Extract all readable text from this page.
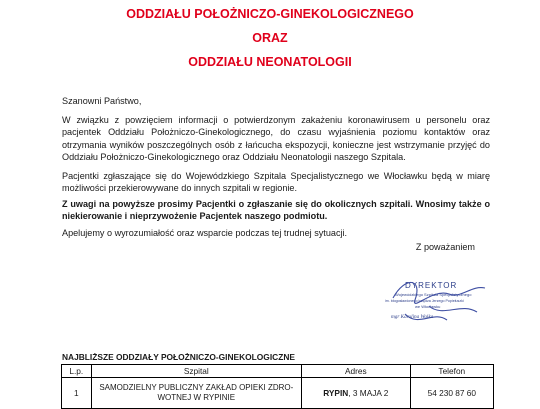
ODDZIAŁU POŁOŻNICZO-GINEKOLOGICZNEGO
ORAZ
ODDZIAŁU NEONATOLOGII
Szanowni Państwo,
W związku z powzięciem informacji o potwierdzonym zakażeniu koronawirusem u personelu oraz pacjentek Oddziału Położniczo-Ginekologicznego, do czasu wyjaśnienia poziomu kontaktów oraz otrzymania wyników poszczególnych osób z łańcucha ekspozycji, konieczne jest wstrzymanie przyjęć do Oddziału Położniczo-Ginekologicznego oraz Oddziału Neonatologii naszego Szpitala.
Pacjentki zgłaszające się do Wojewódzkiego Szpitala Specjalistycznego we Włocławku będą w miarę możliwości przekierowywane do innych szpitali w regionie.
Z uwagi na powyższe prosimy Pacjentki o zgłaszanie się do okolicznych szpitali. Wnosimy także o niekierowanie i nieprzywożenie Pacjentek naszego podmiotu.
Apelujemy o wyrozumiałość oraz wsparcie podczas tej trudnej sytuacji.
Z poważaniem
DYREKTOR
Wojewódzkiego Szpitala Specjalistycznego
im. błogosławionego księdza Jerzego Popiełuszki
we Włocławku
mgr Karolina Wolka
NAJBLIŻSZE ODDZIAŁY POŁOŻNICZO-GINEKOLOGICZNE
L.p.	Szpital	Adres	Telefon
1	SAMODZIELNY PUBLICZNY ZAKŁAD OPIEKI ZDRO-WOTNEJ W RYPINIE	RYPIN, 3 MAJA 2	54 230 87 60
